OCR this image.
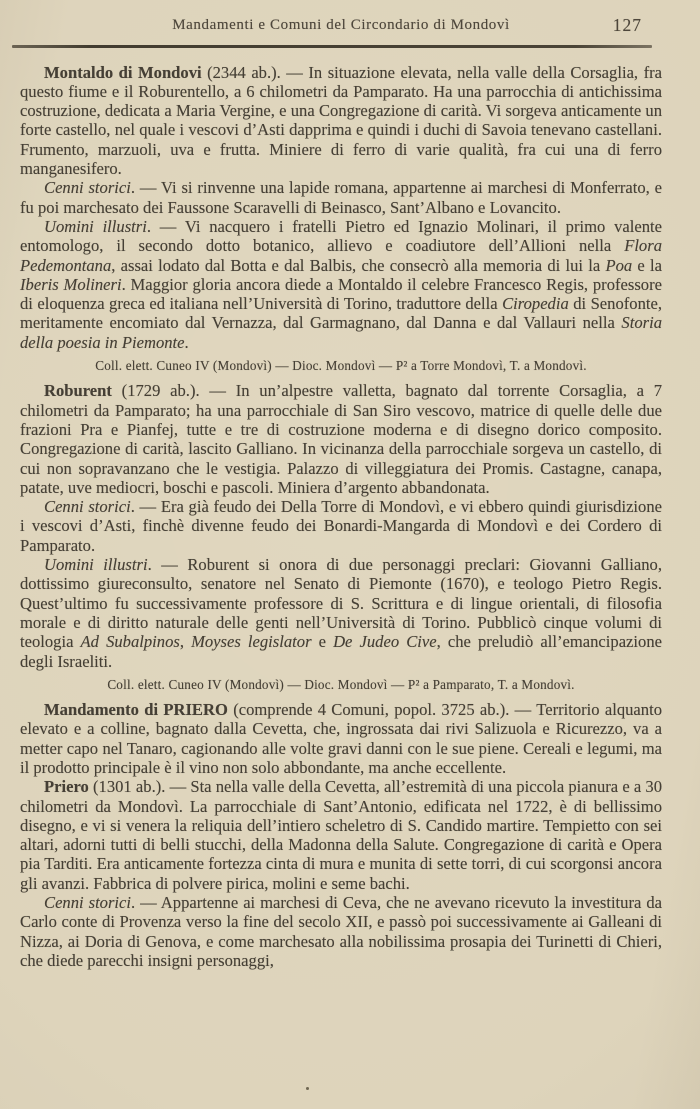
Mandamenti e Comuni del Circondario di Mondovì	127

Montaldo di Mondovi (2344 ab.). — In situazione elevata, nella valle della Corsaglia, fra questo fiume e il Roburentello, a 6 chilometri da Pamparato. Ha una parrocchia di antichissima costruzione, dedicata a Maria Vergine, e una Congregazione di carità. Vi sorgeva anticamente un forte castello, nel quale i vescovi d’Asti dapprima e quindi i duchi di Savoia tenevano castellani. Frumento, marzuoli, uva e frutta. Miniere di ferro di varie qualità, fra cui una di ferro manganesifero.

Cenni storici. — Vi si rinvenne una lapide romana, appartenne ai marchesi di Monferrato, e fu poi marchesato dei Faussone Scaravelli di Beinasco, Sant’Albano e Lovancito.

Uomini illustri. — Vi nacquero i fratelli Pietro ed Ignazio Molinari, il primo valente entomologo, il secondo dotto botanico, allievo e coadiutore dell’Allioni nella Flora Pedemontana, assai lodato dal Botta e dal Balbis, che consecrò alla memoria di lui la Poa e la Iberis Molineri. Maggior gloria ancora diede a Montaldo il celebre Francesco Regis, professore di eloquenza greca ed italiana nell’Università di Torino, traduttore della Ciropedia di Senofonte, meritamente encomiato dal Vernazza, dal Garmagnano, dal Danna e dal Vallauri nella Storia della poesia in Piemonte.

Coll. elett. Cuneo IV (Mondovì) — Dioc. Mondovì — P² a Torre Mondovì, T. a Mondovì.

Roburent (1729 ab.). — In un’alpestre valletta, bagnato dal torrente Corsaglia, a 7 chilometri da Pamparato; ha una parrocchiale di San Siro vescovo, matrice di quelle delle due frazioni Pra e Pianfej, tutte e tre di costruzione moderna e di disegno dorico composito. Congregazione di carità, lascito Galliano. In vicinanza della parrocchiale sorgeva un castello, di cui non sopravanzano che le vestigia. Palazzo di villeggiatura dei Promis. Castagne, canapa, patate, uve mediocri, boschi e pascoli. Miniera d’argento abbandonata.

Cenni storici. — Era già feudo dei Della Torre di Mondovì, e vi ebbero quindi giurisdizione i vescovi d’Asti, finchè divenne feudo dei Bonardi-Mangarda di Mondovì e dei Cordero di Pamparato.

Uomini illustri. — Roburent si onora di due personaggi preclari: Giovanni Galliano, dottissimo giureconsulto, senatore nel Senato di Piemonte (1670), e teologo Pietro Regis. Quest’ultimo fu successivamente professore di S. Scrittura e di lingue orientali, di filosofia morale e di diritto naturale delle genti nell’Università di Torino. Pubblicò cinque volumi di teologia Ad Subalpinos, Moyses legislator e De Judeo Cive, che preludiò all’emancipazione degli Israeliti.

Coll. elett. Cuneo IV (Mondovì) — Dioc. Mondovì — P² a Pamparato, T. a Mondovì.

Mandamento di PRIERO (comprende 4 Comuni, popol. 3725 ab.). — Territorio alquanto elevato e a colline, bagnato dalla Cevetta, che, ingrossata dai rivi Salizuola e Ricurezzo, va a metter capo nel Tanaro, cagionando alle volte gravi danni con le sue piene. Cereali e legumi, ma il prodotto principale è il vino non solo abbondante, ma anche eccellente.

Priero (1301 ab.). — Sta nella valle della Cevetta, all’estremità di una piccola pianura e a 30 chilometri da Mondovì. La parrocchiale di Sant’Antonio, edificata nel 1722, è di bellissimo disegno, e vi si venera la reliquia dell’intiero scheletro di S. Candido martire. Tempietto con sei altari, adorni tutti di belli stucchi, della Madonna della Salute. Congregazione di carità e Opera pia Tarditi. Era anticamente fortezza cinta di mura e munita di sette torri, di cui scorgonsi ancora gli avanzi. Fabbrica di polvere pirica, molini e seme bachi.

Cenni storici. — Appartenne ai marchesi di Ceva, che ne avevano ricevuto la investitura da Carlo conte di Provenza verso la fine del secolo XII, e passò poi successivamente ai Galleani di Nizza, ai Doria di Genova, e come marchesato alla nobilissima prosapia dei Turinetti di Chieri, che diede parecchi insigni personaggi,
